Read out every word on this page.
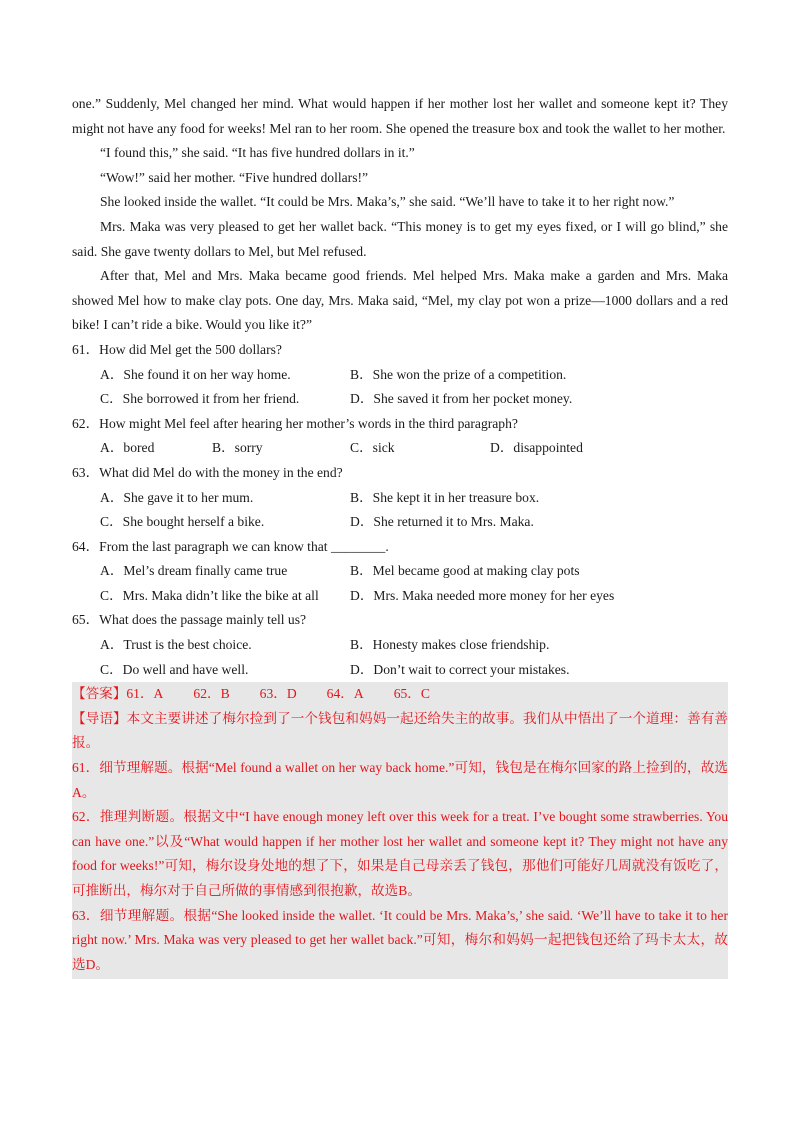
one.” Suddenly, Mel changed her mind. What would happen if her mother lost her wallet and someone kept it? They might not have any food for weeks! Mel ran to her room. She opened the treasure box and took the wallet to her mother.

“I found this,” she said. “It has five hundred dollars in it.”

“Wow!” said her mother. “Five hundred dollars!”

She looked inside the wallet. “It could be Mrs. Maka’s,” she said. “We’ll have to take it to her right now.”

Mrs. Maka was very pleased to get her wallet back. “This money is to get my eyes fixed, or I will go blind,” she said. She gave twenty dollars to Mel, but Mel refused.

After that, Mel and Mrs. Maka became good friends. Mel helped Mrs. Maka make a garden and Mrs. Maka showed Mel how to make clay pots. One day, Mrs. Maka said, “Mel, my clay pot won a prize—1000 dollars and a red bike! I can’t ride a bike. Would you like it?”

61．How did Mel get the 500 dollars?

A．She found it on her way home.	B．She won the prize of a competition.
C．She borrowed it from her friend.	D．She saved it from her pocket money.

62．How might Mel feel after hearing her mother’s words in the third paragraph?

A．bored	B．sorry	C．sick	D．disappointed

63．What did Mel do with the money in the end?

A．She gave it to her mum.	B．She kept it in her treasure box.
C．She bought herself a bike.	D．She returned it to Mrs. Maka.

64．From the last paragraph we can know that ________.

A．Mel’s dream finally came true	B．Mel became good at making clay pots
C．Mrs. Maka didn’t like the bike at all	D．Mrs. Maka needed more money for her eyes

65．What does the passage mainly tell us?

A．Trust is the best choice.	B．Honesty makes close friendship.
C．Do well and have well.	D．Don’t wait to correct your mistakes.

【答案】61．A 62．B 63．D 64．A 65．C

【导语】本文主要讲述了梅尔捡到了一个钱包和妈妈一起还给失主的故事。我们从中悟出了一个道理：善有善报。

61．细节理解题。根据“Mel found a wallet on her way back home.”可知，钱包是在梅尔回家的路上捡到的，故选A。

62．推理判断题。根据文中“I have enough money left over this week for a treat. I’ve bought some strawberries. You can have one.”以及“What would happen if her mother lost her wallet and someone kept it? They might not have any food for weeks!”可知，梅尔设身处地的想了下，如果是自己母亲丢了钱包，那他们可能好几周就没有饭吃了，可推断出，梅尔对于自己所做的事情感到很抱歉，故选B。

63．细节理解题。根据“She looked inside the wallet. ‘It could be Mrs. Maka’s,’ she said. ‘We’ll have to take it to her right now.’ Mrs. Maka was very pleased to get her wallet back.”可知，梅尔和妈妈一起把钱包还给了玛卡太太，故选D。
